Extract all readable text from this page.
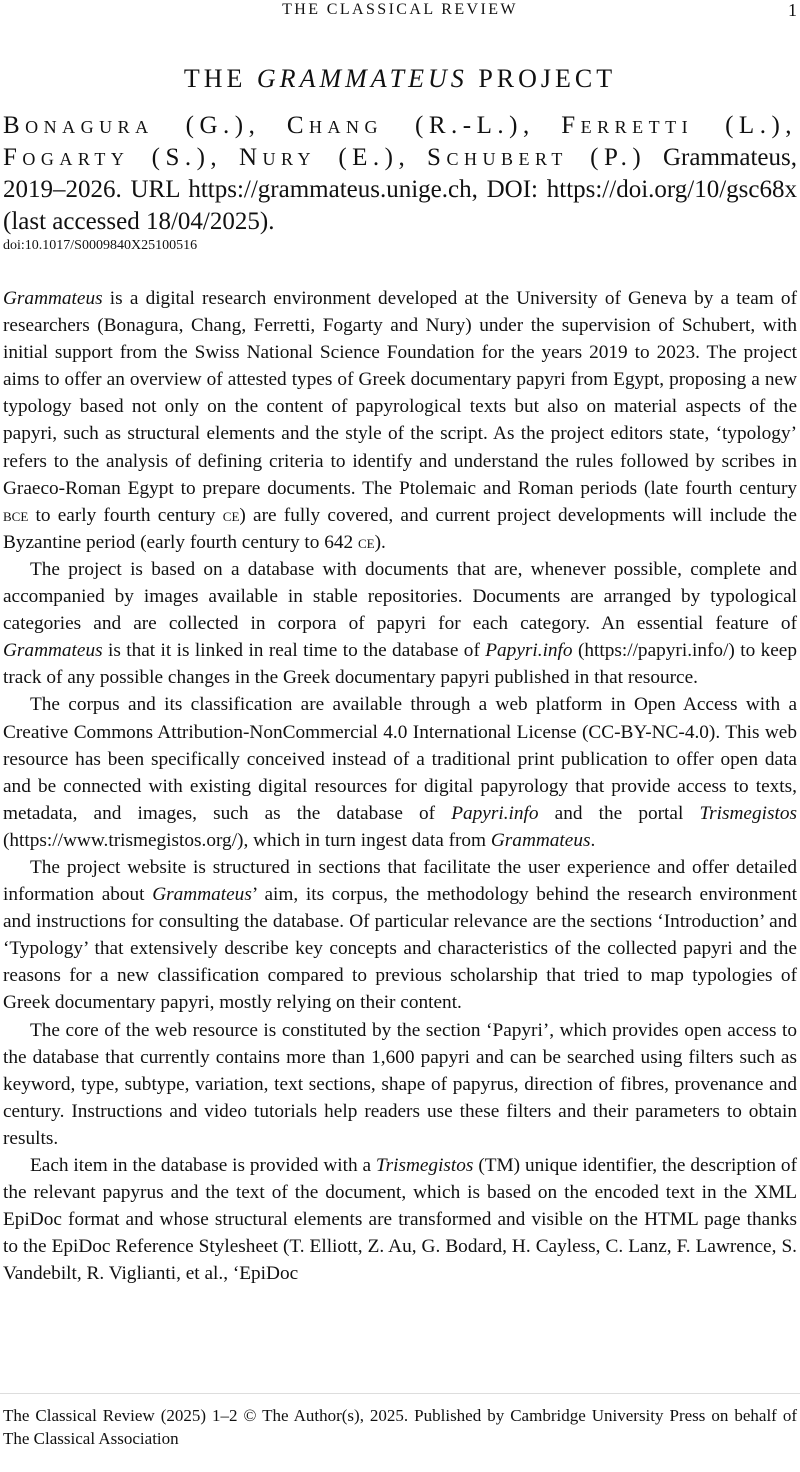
THE CLASSICAL REVIEW	1
THE GRAMMATEUS PROJECT
Bonagura (G.), Chang (R.-L.), Ferretti (L.), Fogarty (S.), Nury (E.), Schubert (P.) Grammateus, 2019–2026. URL https://grammateus.unige.ch, DOI: https://doi.org/10/gsc68x (last accessed 18/04/2025).
doi:10.1017/S0009840X25100516

Grammateus is a digital research environment developed at the University of Geneva by a team of researchers (Bonagura, Chang, Ferretti, Fogarty and Nury) under the supervision of Schubert, with initial support from the Swiss National Science Foundation for the years 2019 to 2023. The project aims to offer an overview of attested types of Greek documentary papyri from Egypt, proposing a new typology based not only on the content of papyrological texts but also on material aspects of the papyri, such as structural elements and the style of the script. As the project editors state, ‘typology’ refers to the analysis of defining criteria to identify and understand the rules followed by scribes in Graeco-Roman Egypt to prepare documents. The Ptolemaic and Roman periods (late fourth century bce to early fourth century ce) are fully covered, and current project developments will include the Byzantine period (early fourth century to 642 ce).

The project is based on a database with documents that are, whenever possible, complete and accompanied by images available in stable repositories. Documents are arranged by typological categories and are collected in corpora of papyri for each category. An essential feature of Grammateus is that it is linked in real time to the database of Papyri.info (https://papyri.info/) to keep track of any possible changes in the Greek documentary papyri published in that resource.

The corpus and its classification are available through a web platform in Open Access with a Creative Commons Attribution-NonCommercial 4.0 International License (CC-BY-NC-4.0). This web resource has been specifically conceived instead of a traditional print publication to offer open data and be connected with existing digital resources for digital papyrology that provide access to texts, metadata, and images, such as the database of Papyri.info and the portal Trismegistos (https://www.trismegistos.org/), which in turn ingest data from Grammateus.

The project website is structured in sections that facilitate the user experience and offer detailed information about Grammateus’ aim, its corpus, the methodology behind the research environment and instructions for consulting the database. Of particular relevance are the sections ‘Introduction’ and ‘Typology’ that extensively describe key concepts and characteristics of the collected papyri and the reasons for a new classification compared to previous scholarship that tried to map typologies of Greek documentary papyri, mostly relying on their content.

The core of the web resource is constituted by the section ‘Papyri’, which provides open access to the database that currently contains more than 1,600 papyri and can be searched using filters such as keyword, type, subtype, variation, text sections, shape of papyrus, direction of fibres, provenance and century. Instructions and video tutorials help readers use these filters and their parameters to obtain results.

Each item in the database is provided with a Trismegistos (TM) unique identifier, the description of the relevant papyrus and the text of the document, which is based on the encoded text in the XML EpiDoc format and whose structural elements are transformed and visible on the HTML page thanks to the EpiDoc Reference Stylesheet (T. Elliott, Z. Au, G. Bodard, H. Cayless, C. Lanz, F. Lawrence, S. Vandebilt, R. Viglianti, et al., ‘EpiDoc

The Classical Review (2025) 1–2 © The Author(s), 2025. Published by Cambridge University Press on behalf of The Classical Association
